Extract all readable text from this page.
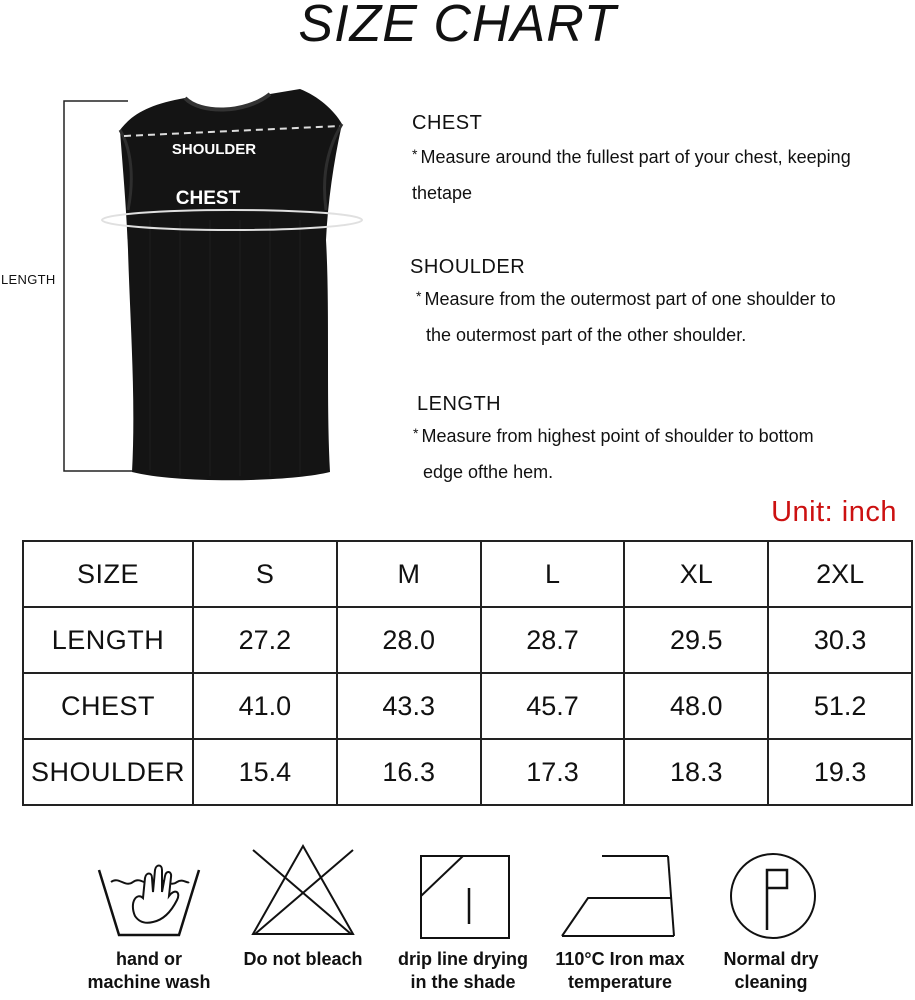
SIZE CHART
SHOULDER
CHEST
LENGTH
CHEST

* Measure around the fullest part of your chest, keeping

thetape

SHOULDER

* Measure from the outermost part of one shoulder to

the outermost part of the other shoulder.

LENGTH

* Measure from highest point of shoulder to bottom

edge ofthe hem.

Unit: inch
SIZE	S	M	L	XL	2XL
LENGTH	27.2	28.0	28.7	29.5	30.3
CHEST	41.0	43.3	45.7	48.0	51.2
SHOULDER	15.4	16.3	17.3	18.3	19.3
hand or
machine wash
Do not bleach	drip line drying
in the shade
110°C Iron max
temperature
Normal dry
cleaning
